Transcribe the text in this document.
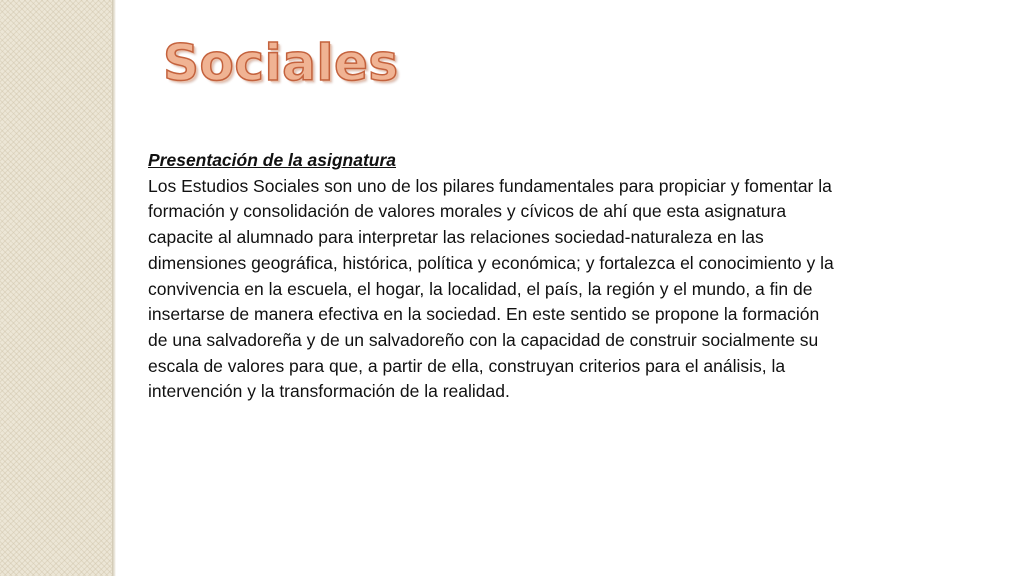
Sociales

Presentación de la asignatura

Los Estudios Sociales son uno de los pilares fundamentales para propiciar y fomentar la formación y consolidación de valores morales y cívicos de ahí que esta asignatura capacite al alumnado para interpretar las relaciones sociedad-naturaleza en las dimensiones geográfica, histórica, política y económica; y fortalezca el conocimiento y la convivencia en la escuela, el hogar, la localidad, el país, la región y el mundo, a fin de insertarse de manera efectiva en la sociedad. En este sentido se propone la formación de una salvadoreña y de un salvadoreño con la capacidad de construir socialmente su escala de valores para que, a partir de ella, construyan criterios para el análisis, la intervención y la transformación de la realidad.
